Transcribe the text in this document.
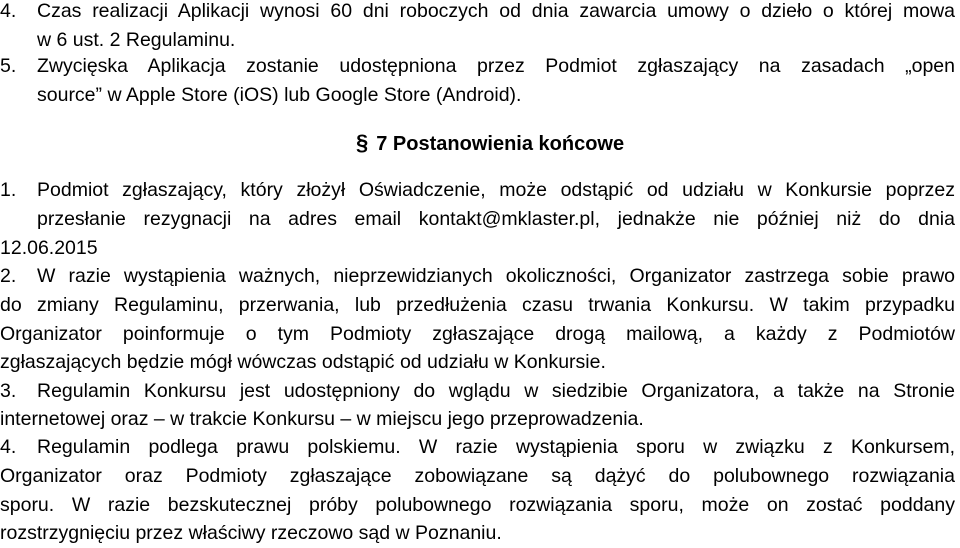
4. Czas realizacji Aplikacji wynosi 60 dni roboczych od dnia zawarcia umowy o dzieło o której mowa
w 6 ust. 2 Regulaminu.
5. Zwycięska Aplikacja zostanie udostępniona przez Podmiot zgłaszający na zasadach „open
source” w Apple Store (iOS) lub Google Store (Android).
§ 7 Postanowienia końcowe
1. Podmiot zgłaszający, który złożył Oświadczenie, może odstąpić od udziału w Konkursie poprzez
przesłanie rezygnacji na adres email kontakt@mklaster.pl, jednakże nie później niż do dnia
12.06.2015
2. W razie wystąpienia ważnych, nieprzewidzianych okoliczności, Organizator zastrzega sobie prawo
do zmiany Regulaminu, przerwania, lub przedłużenia czasu trwania Konkursu. W takim przypadku
Organizator poinformuje o tym Podmioty zgłaszające drogą mailową, a każdy z Podmiotów
zgłaszających będzie mógł wówczas odstąpić od udziału w Konkursie.
3. Regulamin Konkursu jest udostępniony do wglądu w siedzibie Organizatora, a także na Stronie
internetowej oraz – w trakcie Konkursu – w miejscu jego przeprowadzenia.
4. Regulamin podlega prawu polskiemu. W razie wystąpienia sporu w związku z Konkursem,
Organizator oraz Podmioty zgłaszające zobowiązane są dążyć do polubownego rozwiązania
sporu. W razie bezskutecznej próby polubownego rozwiązania sporu, może on zostać poddany
rozstrzygnięciu przez właściwy rzeczowo sąd w Poznaniu.
